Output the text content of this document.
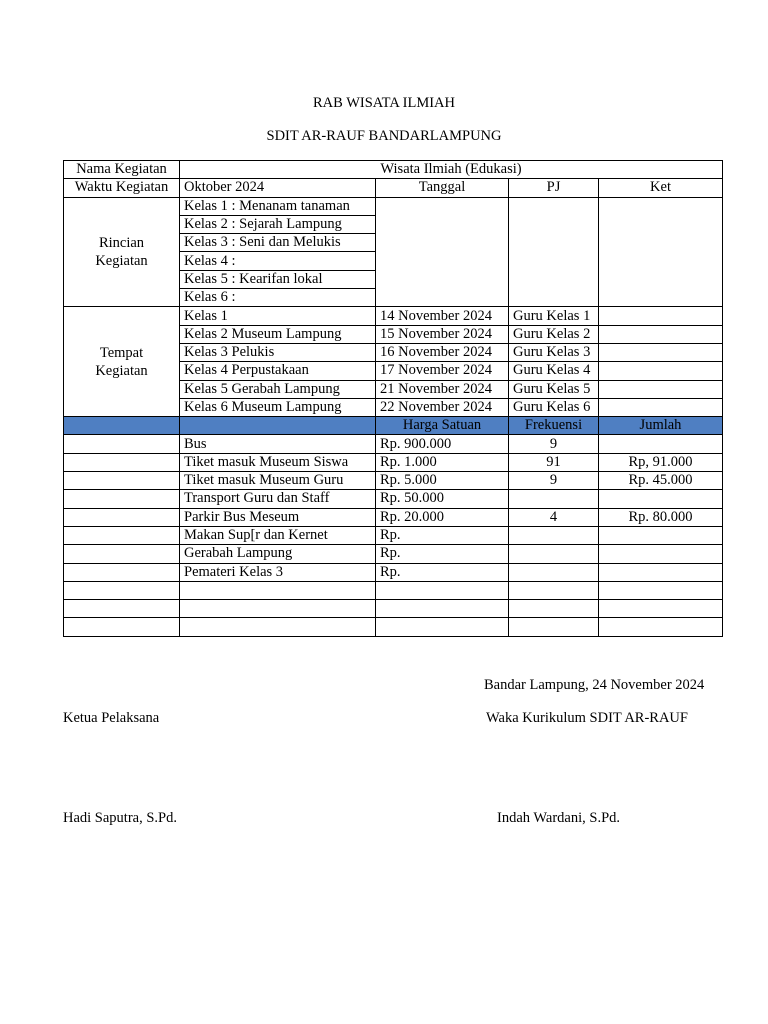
RAB WISATA ILMIAH
SDIT AR-RAUF BANDARLAMPUNG
Nama Kegiatan	Wisata Ilmiah (Edukasi)			
Waktu Kegiatan	Oktober 2024	Tanggal	PJ	Ket

Rincian
Kegiatan	Kelas 1 : Menanam tanaman			
	Kelas 2 : Sejarah Lampung			
	Kelas 3 : Seni dan Melukis			
	Kelas 4 :			
	Kelas 5 : Kearifan lokal			
	Kelas 6 :			

Tempat
Kegiatan	Kelas 1	14 November 2024	Guru Kelas 1	
	Kelas 2 Museum Lampung	15 November 2024	Guru Kelas 2	
	Kelas 3 Pelukis	16 November 2024	Guru Kelas 3	
	Kelas 4 Perpustakaan	17 November 2024	Guru Kelas 4	
	Kelas 5 Gerabah Lampung	21 November 2024	Guru Kelas 5	
	Kelas 6 Museum Lampung	22 November 2024	Guru Kelas 6	
		Harga Satuan	Frekuensi	Jumlah
	Bus	Rp. 900.000	9	
	Tiket masuk Museum Siswa	Rp. 1.000	91	Rp, 91.000
	Tiket masuk Museum Guru	Rp. 5.000	9	Rp. 45.000
	Transport Guru dan Staff	Rp. 50.000		
	Parkir Bus Meseum	Rp. 20.000	4	Rp. 80.000
	Makan Sup[r dan Kernet	Rp.		
	Gerabah Lampung	Rp.		
	Pemateri Kelas 3	Rp.		

Bandar Lampung, 24 November 2024
Ketua Pelaksana	Waka Kurikulum SDIT AR-RAUF
Hadi Saputra, S.Pd.	Indah Wardani, S.Pd.
